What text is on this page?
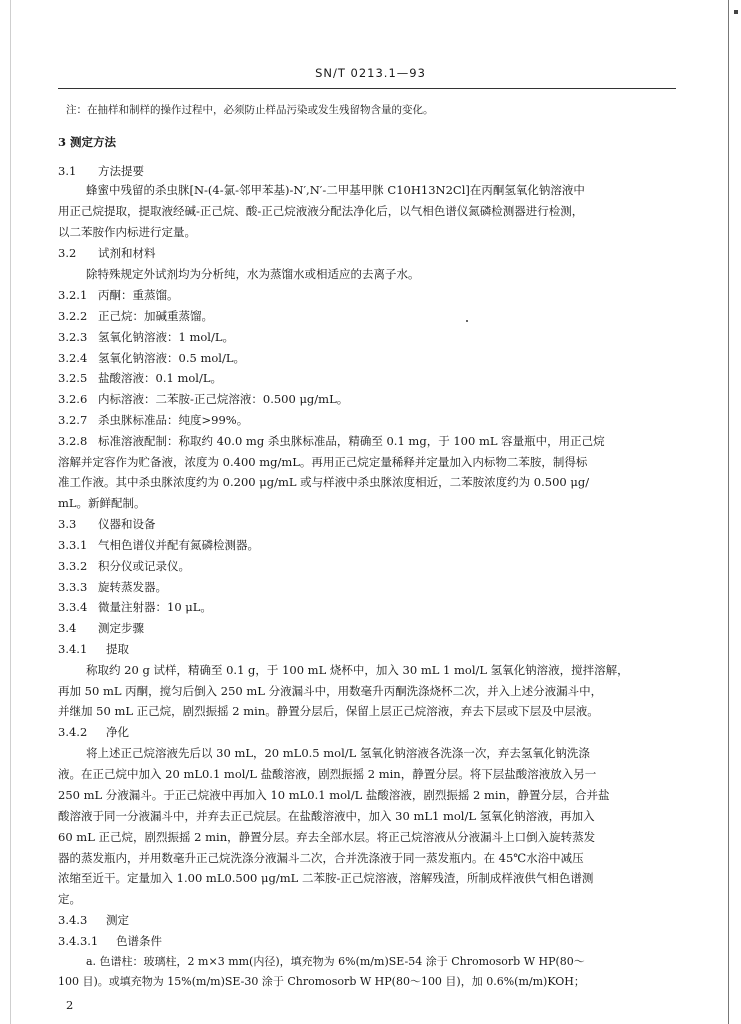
SN/T 0213.1—93
注：在抽样和制样的操作过程中，必须防止样品污染或发生残留物含量的变化。
3 测定方法
3.1 方法提要
蜂蜜中残留的杀虫脒[N-(4-氯-邻甲苯基)-N′,N′-二甲基甲脒 C10H13N2Cl]在丙酮氢氧化钠溶液中
用正己烷提取，提取液经碱-正己烷、酸-正己烷液液分配法净化后，以气相色谱仪氮磷检测器进行检测，
以二苯胺作内标进行定量。
3.2 试剂和材料
除特殊规定外试剂均为分析纯，水为蒸馏水或相适应的去离子水。
3.2.1 丙酮：重蒸馏。
3.2.2 正己烷：加碱重蒸馏。
3.2.3 氢氧化钠溶液：1 mol/L。
3.2.4 氢氧化钠溶液：0.5 mol/L。
3.2.5 盐酸溶液：0.1 mol/L。
3.2.6 内标溶液：二苯胺-正己烷溶液：0.500 μg/mL。
3.2.7 杀虫脒标准品：纯度>99%。
3.2.8 标准溶液配制：称取约 40.0 mg 杀虫脒标准品，精确至 0.1 mg，于 100 mL 容量瓶中，用正己烷
溶解并定容作为贮备液，浓度为 0.400 mg/mL。再用正己烷定量稀释并定量加入内标物二苯胺，制得标
准工作液。其中杀虫脒浓度约为 0.200 μg/mL 或与样液中杀虫脒浓度相近，二苯胺浓度约为 0.500 μg/
mL。新鲜配制。
3.3 仪器和设备
3.3.1 气相色谱仪并配有氮磷检测器。
3.3.2 积分仪或记录仪。
3.3.3 旋转蒸发器。
3.3.4 微量注射器：10 μL。
3.4 测定步骤
3.4.1 提取
称取约 20 g 试样，精确至 0.1 g，于 100 mL 烧杯中，加入 30 mL 1 mol/L 氢氧化钠溶液，搅拌溶解，
再加 50 mL 丙酮，搅匀后倒入 250 mL 分液漏斗中，用数毫升丙酮洗涤烧杯二次，并入上述分液漏斗中，
并继加 50 mL 正己烷，剧烈振摇 2 min。静置分层后，保留上层正己烷溶液，弃去下层或下层及中层液。
3.4.2 净化
将上述正己烷溶液先后以 30 mL，20 mL0.5 mol/L 氢氧化钠溶液各洗涤一次，弃去氢氧化钠洗涤
液。在正己烷中加入 20 mL0.1 mol/L 盐酸溶液，剧烈振摇 2 min，静置分层。将下层盐酸溶液放入另一
250 mL 分液漏斗。于正己烷液中再加入 10 mL0.1 mol/L 盐酸溶液，剧烈振摇 2 min，静置分层，合并盐
酸溶液于同一分液漏斗中，并弃去正己烷层。在盐酸溶液中，加入 30 mL1 mol/L 氢氧化钠溶液，再加入
60 mL 正己烷，剧烈振摇 2 min，静置分层。弃去全部水层。将正己烷溶液从分液漏斗上口倒入旋转蒸发
器的蒸发瓶内，并用数毫升正己烷洗涤分液漏斗二次，合并洗涤液于同一蒸发瓶内。在 45℃水浴中减压
浓缩至近干。定量加入 1.00 mL0.500 μg/mL 二苯胺-正己烷溶液，溶解残渣，所制成样液供气相色谱测
定。
3.4.3 测定
3.4.3.1 色谱条件
a. 色谱柱：玻璃柱，2 m×3 mm(内径)，填充物为 6%(m/m)SE-54 涂于 Chromosorb W HP(80～
100 目)。或填充物为 15%(m/m)SE-30 涂于 Chromosorb W HP(80～100 目)，加 0.6%(m/m)KOH；
2
